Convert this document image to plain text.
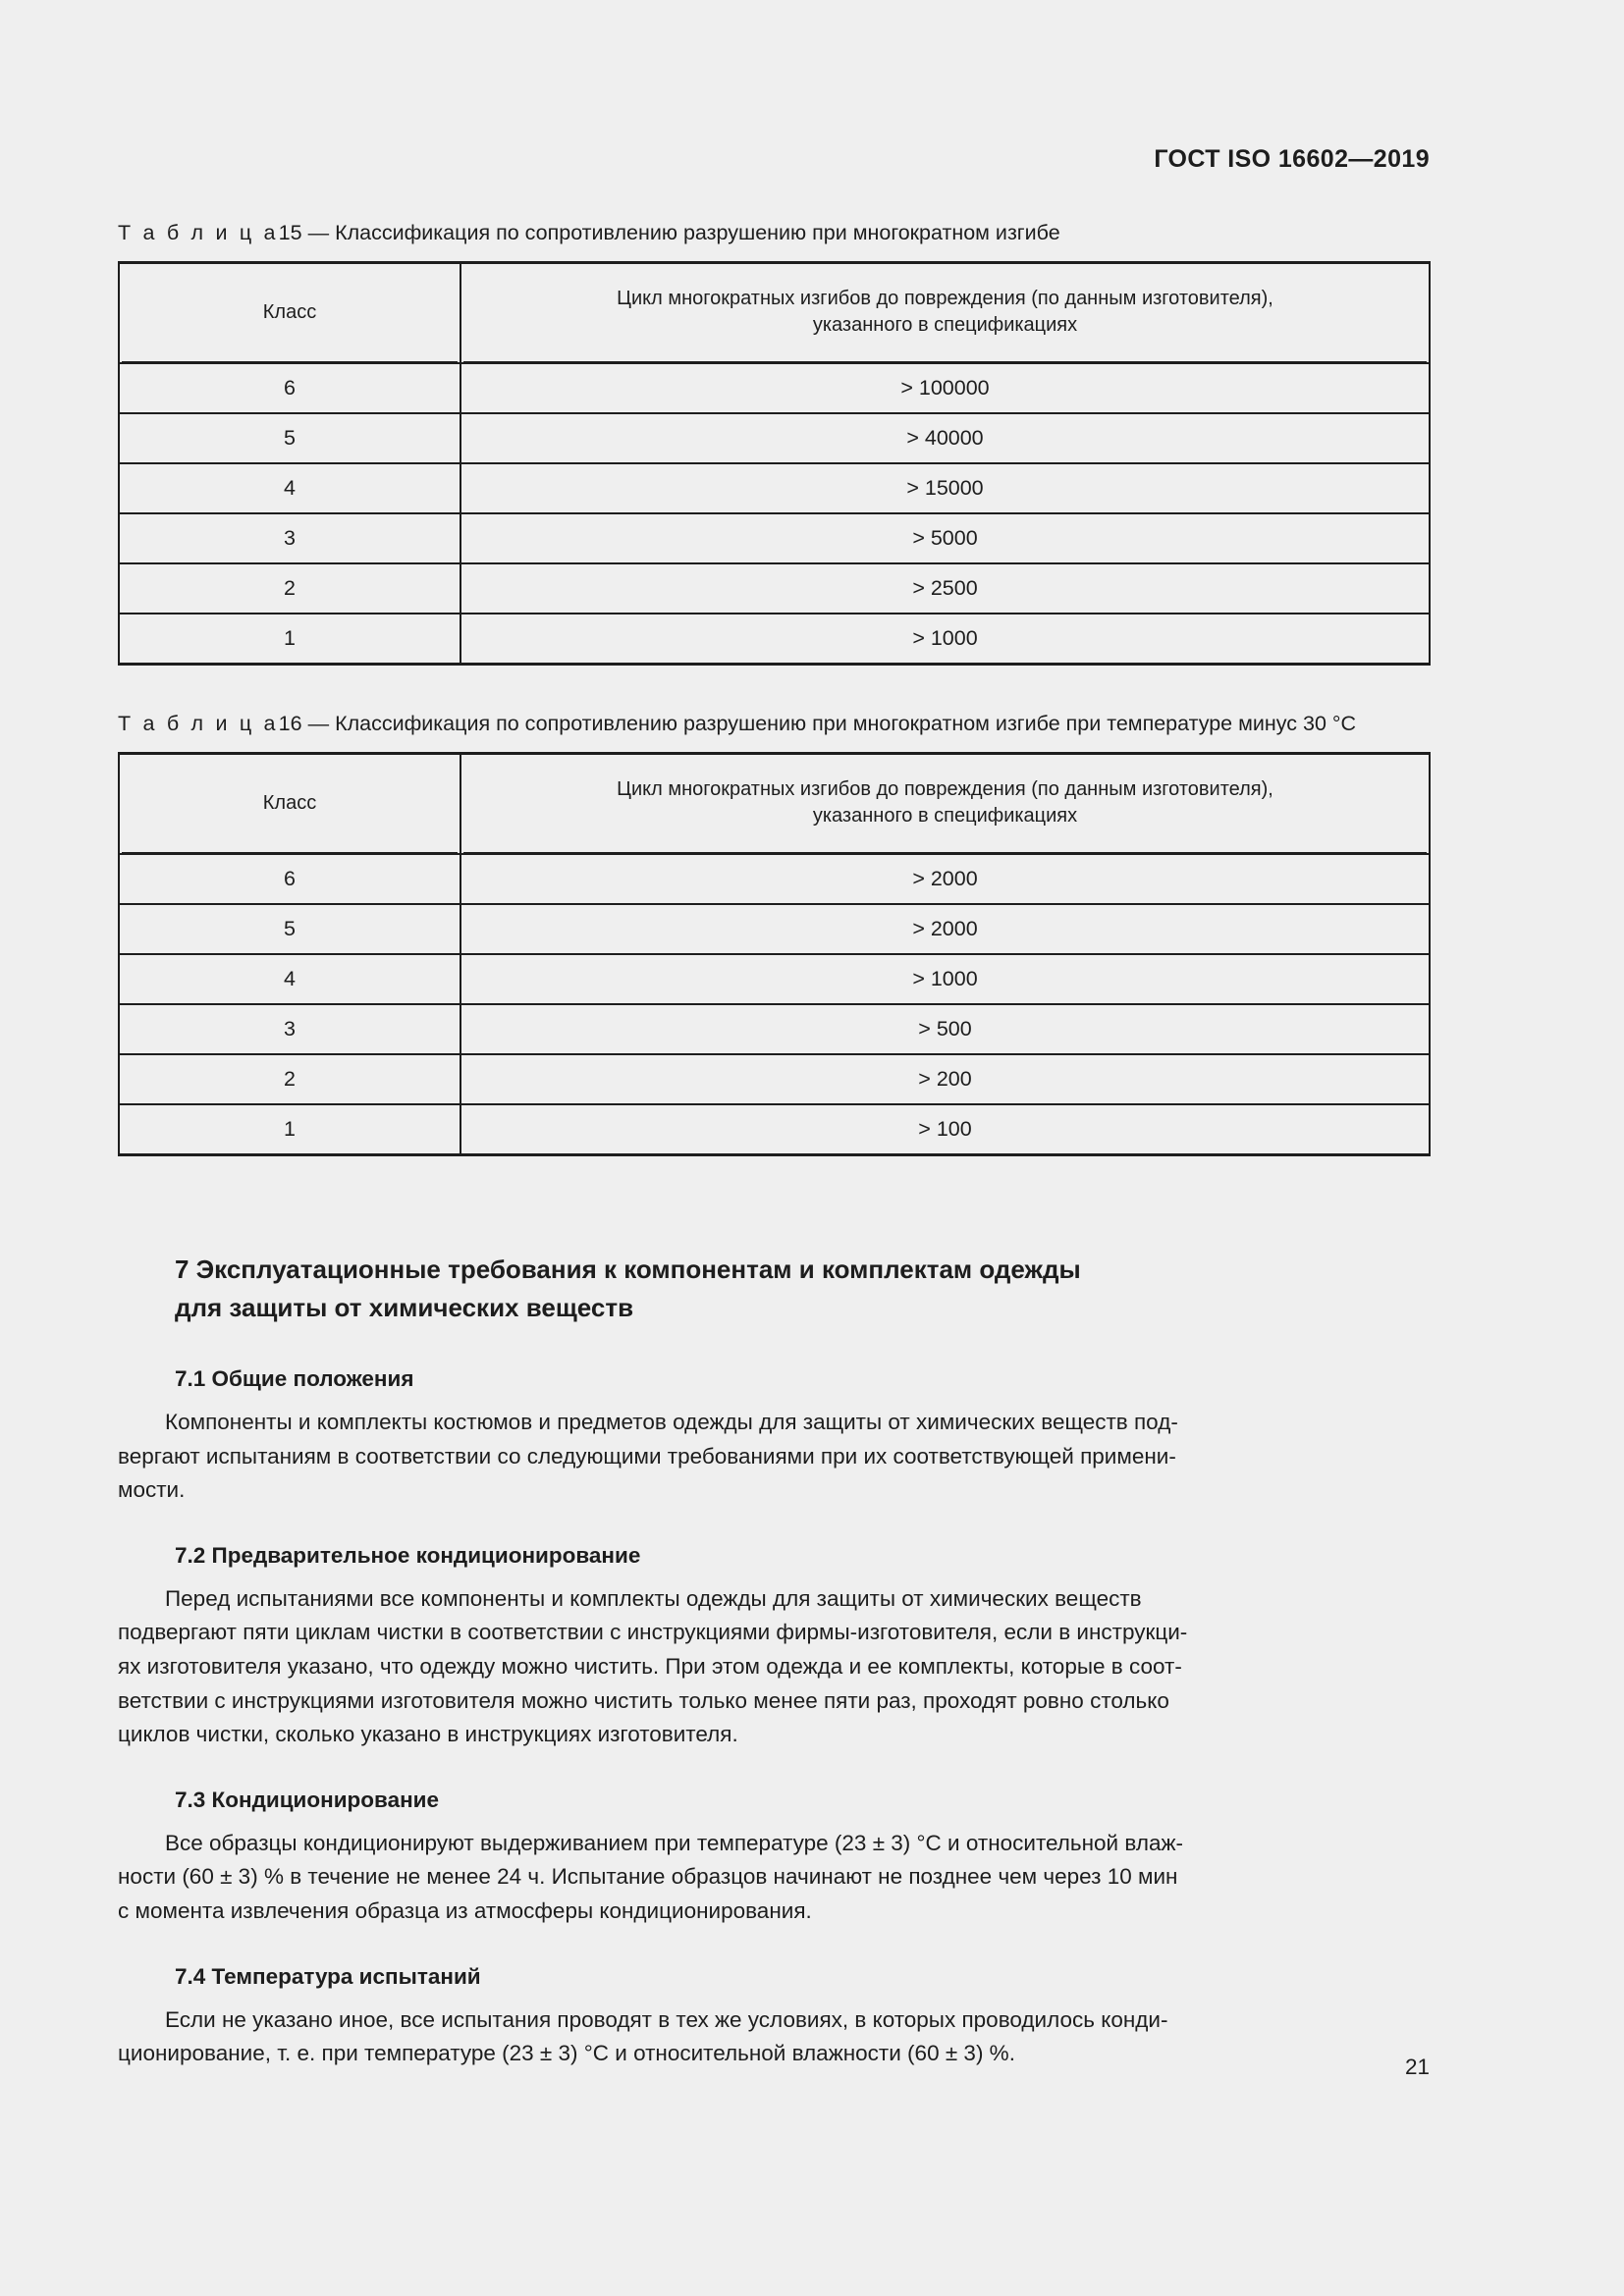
ГОСТ ISO 16602—2019
Т а б л и ц а15 — Классификация по сопротивлению разрушению при многократном изгибе
Класс	Цикл многократных изгибов до повреждения (по данным изготовителя),
указанного в спецификациях
6	> 100000
5	> 40000
4	> 15000
3	> 5000
2	> 2500
1	> 1000
Т а б л и ц а16 — Классификация по сопротивлению разрушению при многократном изгибе при температуре минус 30 °C
Класс	Цикл многократных изгибов до повреждения (по данным изготовителя),
указанного в спецификациях
6	> 2000
5	> 2000
4	> 1000
3	> 500
2	> 200
1	> 100
7 Эксплуатационные требования к компонентам и комплектам одежды
для защиты от химических веществ
7.1 Общие положения

Компоненты и комплекты костюмов и предметов одежды для защиты от химических веществ под-
вергают испытаниям в соответствии со следующими требованиями при их соответствующей примени-
мости.

7.2 Предварительное кондиционирование

Перед испытаниями все компоненты и комплекты одежды для защиты от химических веществ
подвергают пяти циклам чистки в соответствии с инструкциями фирмы-изготовителя, если в инструкци-
ях изготовителя указано, что одежду можно чистить. При этом одежда и ее комплекты, которые в соот-
ветствии с инструкциями изготовителя можно чистить только менее пяти раз, проходят ровно столько
циклов чистки, сколько указано в инструкциях изготовителя.

7.3 Кондиционирование

Все образцы кондиционируют выдерживанием при температуре (23 ± 3) °C и относительной влаж-
ности (60 ± 3) % в течение не менее 24 ч. Испытание образцов начинают не позднее чем через 10 мин
с момента извлечения образца из атмосферы кондиционирования.

7.4 Температура испытаний

Если не указано иное, все испытания проводят в тех же условиях, в которых проводилось конди-
ционирование, т. е. при температуре (23 ± 3) °C и относительной влажности (60 ± 3) %.

21
